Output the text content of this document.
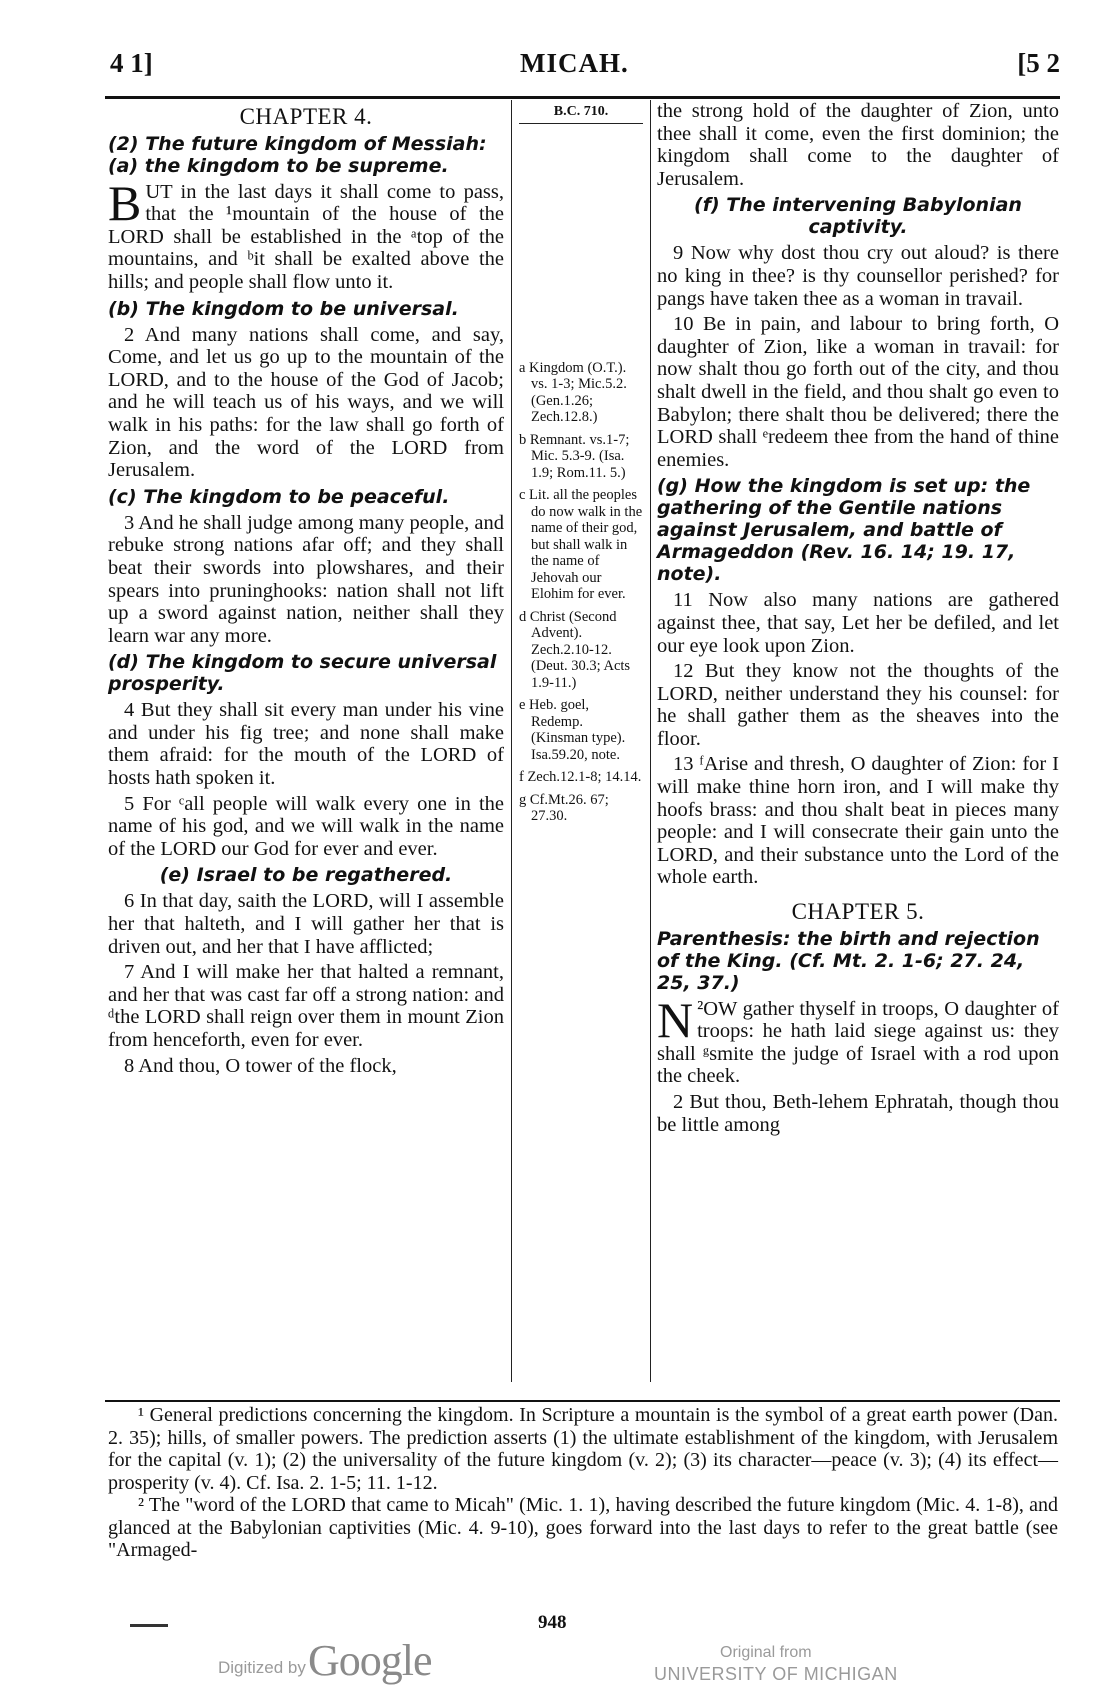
4 1]	MICAH.	[5 2
CHAPTER 4.
(2) The future kingdom of Messiah: (a) the kingdom to be supreme.

B UT in the last days it shall come to pass, that the ¹mountain of the house of the LORD shall be established in the ᵃtop of the mountains, and ᵇit shall be exalted above the hills; and people shall flow unto it.

(b) The kingdom to be universal.

2 And many nations shall come, and say, Come, and let us go up to the mountain of the LORD, and to the house of the God of Jacob; and he will teach us of his ways, and we will walk in his paths: for the law shall go forth of Zion, and the word of the LORD from Jerusalem.

(c) The kingdom to be peaceful.

3 And he shall judge among many people, and rebuke strong nations afar off; and they shall beat their swords into plowshares, and their spears into pruninghooks: nation shall not lift up a sword against nation, neither shall they learn war any more.

(d) The kingdom to secure universal prosperity.

4 But they shall sit every man under his vine and under his fig tree; and none shall make them afraid: for the mouth of the LORD of hosts hath spoken it.

5 For ᶜall people will walk every one in the name of his god, and we will walk in the name of the LORD our God for ever and ever.

(e) Israel to be regathered.

6 In that day, saith the LORD, will I assemble her that halteth, and I will gather her that is driven out, and her that I have afflicted;

7 And I will make her that halted a remnant, and her that was cast far off a strong nation: and ᵈthe LORD shall reign over them in mount Zion from henceforth, even for ever.

8 And thou, O tower of the flock,

B.C. 710.
a Kingdom (O.T.). vs. 1-3; Mic.5.2. (Gen.1.26; Zech.12.8.)
b Remnant. vs.1-7; Mic. 5.3-9. (Isa. 1.9; Rom.11. 5.)
c Lit. all the peoples do now walk in the name of their god, but shall walk in the name of Jehovah our Elohim for ever.
d Christ (Second Advent). Zech.2.10-12. (Deut. 30.3; Acts 1.9-11.)
e Heb. goel, Redemp. (Kinsman type). Isa.59.20, note.
f Zech.12.1-8; 14.14.
g Cf.Mt.26. 67; 27.30.

the strong hold of the daughter of Zion, unto thee shall it come, even the first dominion; the kingdom shall come to the daughter of Jerusalem.

(f) The intervening Babylonian captivity.

9 Now why dost thou cry out aloud? is there no king in thee? is thy counsellor perished? for pangs have taken thee as a woman in travail.

10 Be in pain, and labour to bring forth, O daughter of Zion, like a woman in travail: for now shalt thou go forth out of the city, and thou shalt dwell in the field, and thou shalt go even to Babylon; there shalt thou be delivered; there the LORD shall ᵉredeem thee from the hand of thine enemies.

(g) How the kingdom is set up: the gathering of the Gentile nations against Jerusalem, and battle of Armageddon (Rev. 16. 14; 19. 17, note).

11 Now also many nations are gathered against thee, that say, Let her be defiled, and let our eye look upon Zion.

12 But they know not the thoughts of the LORD, neither understand they his counsel: for he shall gather them as the sheaves into the floor.

13 ᶠArise and thresh, O daughter of Zion: for I will make thine horn iron, and I will make thy hoofs brass: and thou shalt beat in pieces many people: and I will consecrate their gain unto the LORD, and their substance unto the Lord of the whole earth.

CHAPTER 5.
Parenthesis: the birth and rejection of the King. (Cf. Mt. 2. 1-6; 27. 24, 25, 37.)

N ²OW gather thyself in troops, O daughter of troops: he hath laid siege against us: they shall ᵍsmite the judge of Israel with a rod upon the cheek.

2 But thou, Beth-lehem Ephratah, though thou be little among

¹ General predictions concerning the kingdom. In Scripture a mountain is the symbol of a great earth power (Dan. 2. 35); hills, of smaller powers. The prediction asserts (1) the ultimate establishment of the kingdom, with Jerusalem for the capital (v. 1); (2) the universality of the future kingdom (v. 2); (3) its character—peace (v. 3); (4) its effect—prosperity (v. 4). Cf. Isa. 2. 1-5; 11. 1-12.

² The "word of the LORD that came to Micah" (Mic. 1. 1), having described the future kingdom (Mic. 4. 1-8), and glanced at the Babylonian captivities (Mic. 4. 9-10), goes forward into the last days to refer to the great battle (see "Armaged-

948
Digitized by Google	Original from
UNIVERSITY OF MICHIGAN
